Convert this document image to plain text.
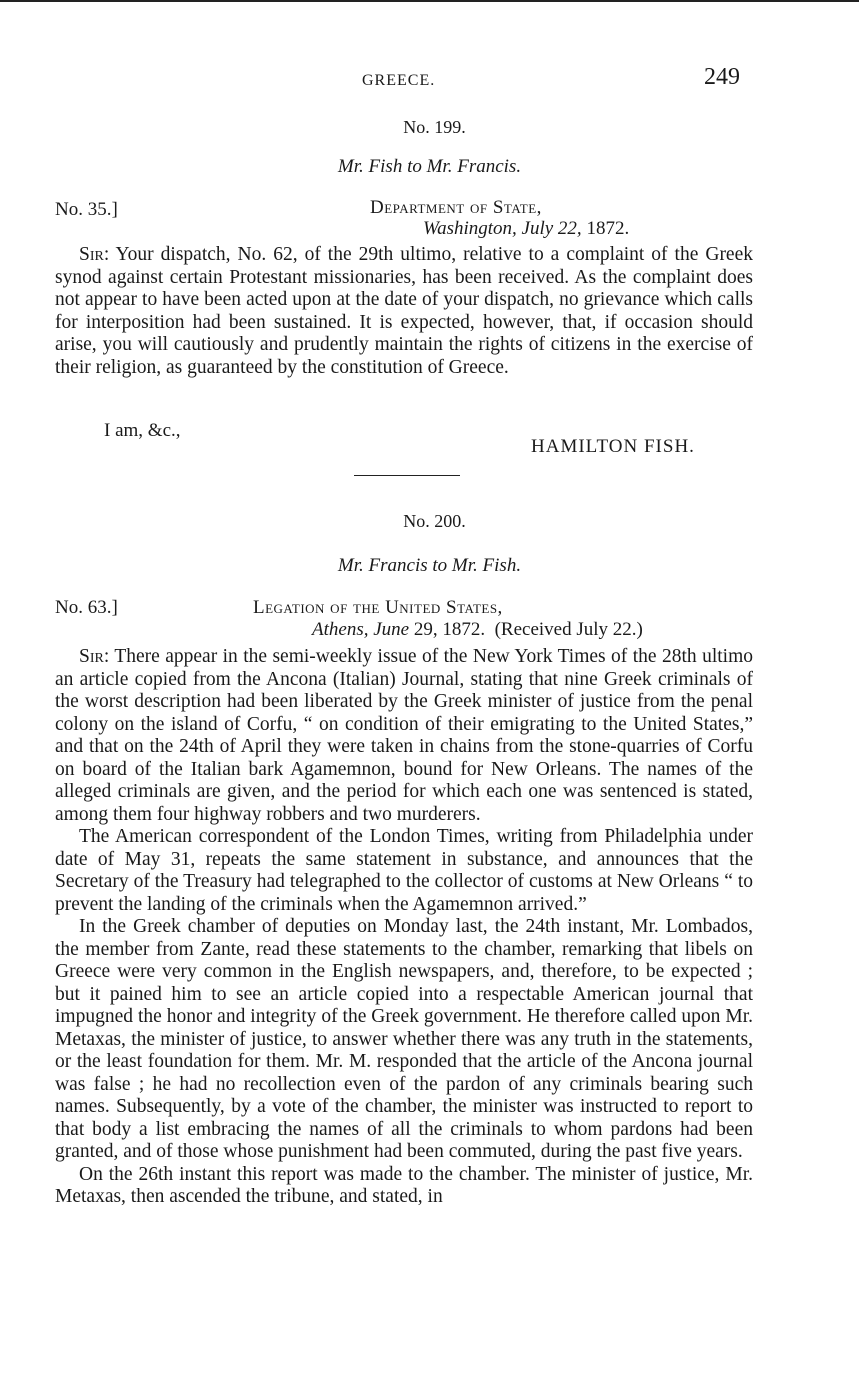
GREECE.	249
No. 199.
Mr. Fish to Mr. Francis.
No. 35.]	Department of State,
Washington, July 22, 1872.

Sir: Your dispatch, No. 62, of the 29th ultimo, relative to a complaint of the Greek synod against certain Protestant missionaries, has been received. As the complaint does not appear to have been acted upon at the date of your dispatch, no grievance which calls for interposition had been sustained. It is expected, however, that, if occasion should arise, you will cautiously and prudently maintain the rights of citizens in the exercise of their religion, as guaranteed by the constitution of Greece.

I am, &c.,
HAMILTON FISH.
No. 200.
Mr. Francis to Mr. Fish.
No. 63.]	Legation of the United States,
Athens, June 29, 1872. (Received July 22.)

Sir: There appear in the semi-weekly issue of the New York Times of the 28th ultimo an article copied from the Ancona (Italian) Journal, stating that nine Greek criminals of the worst description had been liberated by the Greek minister of justice from the penal colony on the island of Corfu, “ on condition of their emigrating to the United States,” and that on the 24th of April they were taken in chains from the stone-quarries of Corfu on board of the Italian bark Agamemnon, bound for New Orleans. The names of the alleged criminals are given, and the period for which each one was sentenced is stated, among them four highway robbers and two murderers.

The American correspondent of the London Times, writing from Philadelphia under date of May 31, repeats the same statement in substance, and announces that the Secretary of the Treasury had telegraphed to the collector of customs at New Orleans “ to prevent the landing of the criminals when the Agamemnon arrived.”

In the Greek chamber of deputies on Monday last, the 24th instant, Mr. Lombados, the member from Zante, read these statements to the chamber, remarking that libels on Greece were very common in the English newspapers, and, therefore, to be expected ; but it pained him to see an article copied into a respectable American journal that impugned the honor and integrity of the Greek government. He therefore called upon Mr. Metaxas, the minister of justice, to answer whether there was any truth in the statements, or the least foundation for them. Mr. M. responded that the article of the Ancona journal was false ; he had no recollection even of the pardon of any criminals bearing such names. Subsequently, by a vote of the chamber, the minister was instructed to report to that body a list embracing the names of all the criminals to whom pardons had been granted, and of those whose punishment had been commuted, during the past five years.

On the 26th instant this report was made to the chamber. The minister of justice, Mr. Metaxas, then ascended the tribune, and stated, in
